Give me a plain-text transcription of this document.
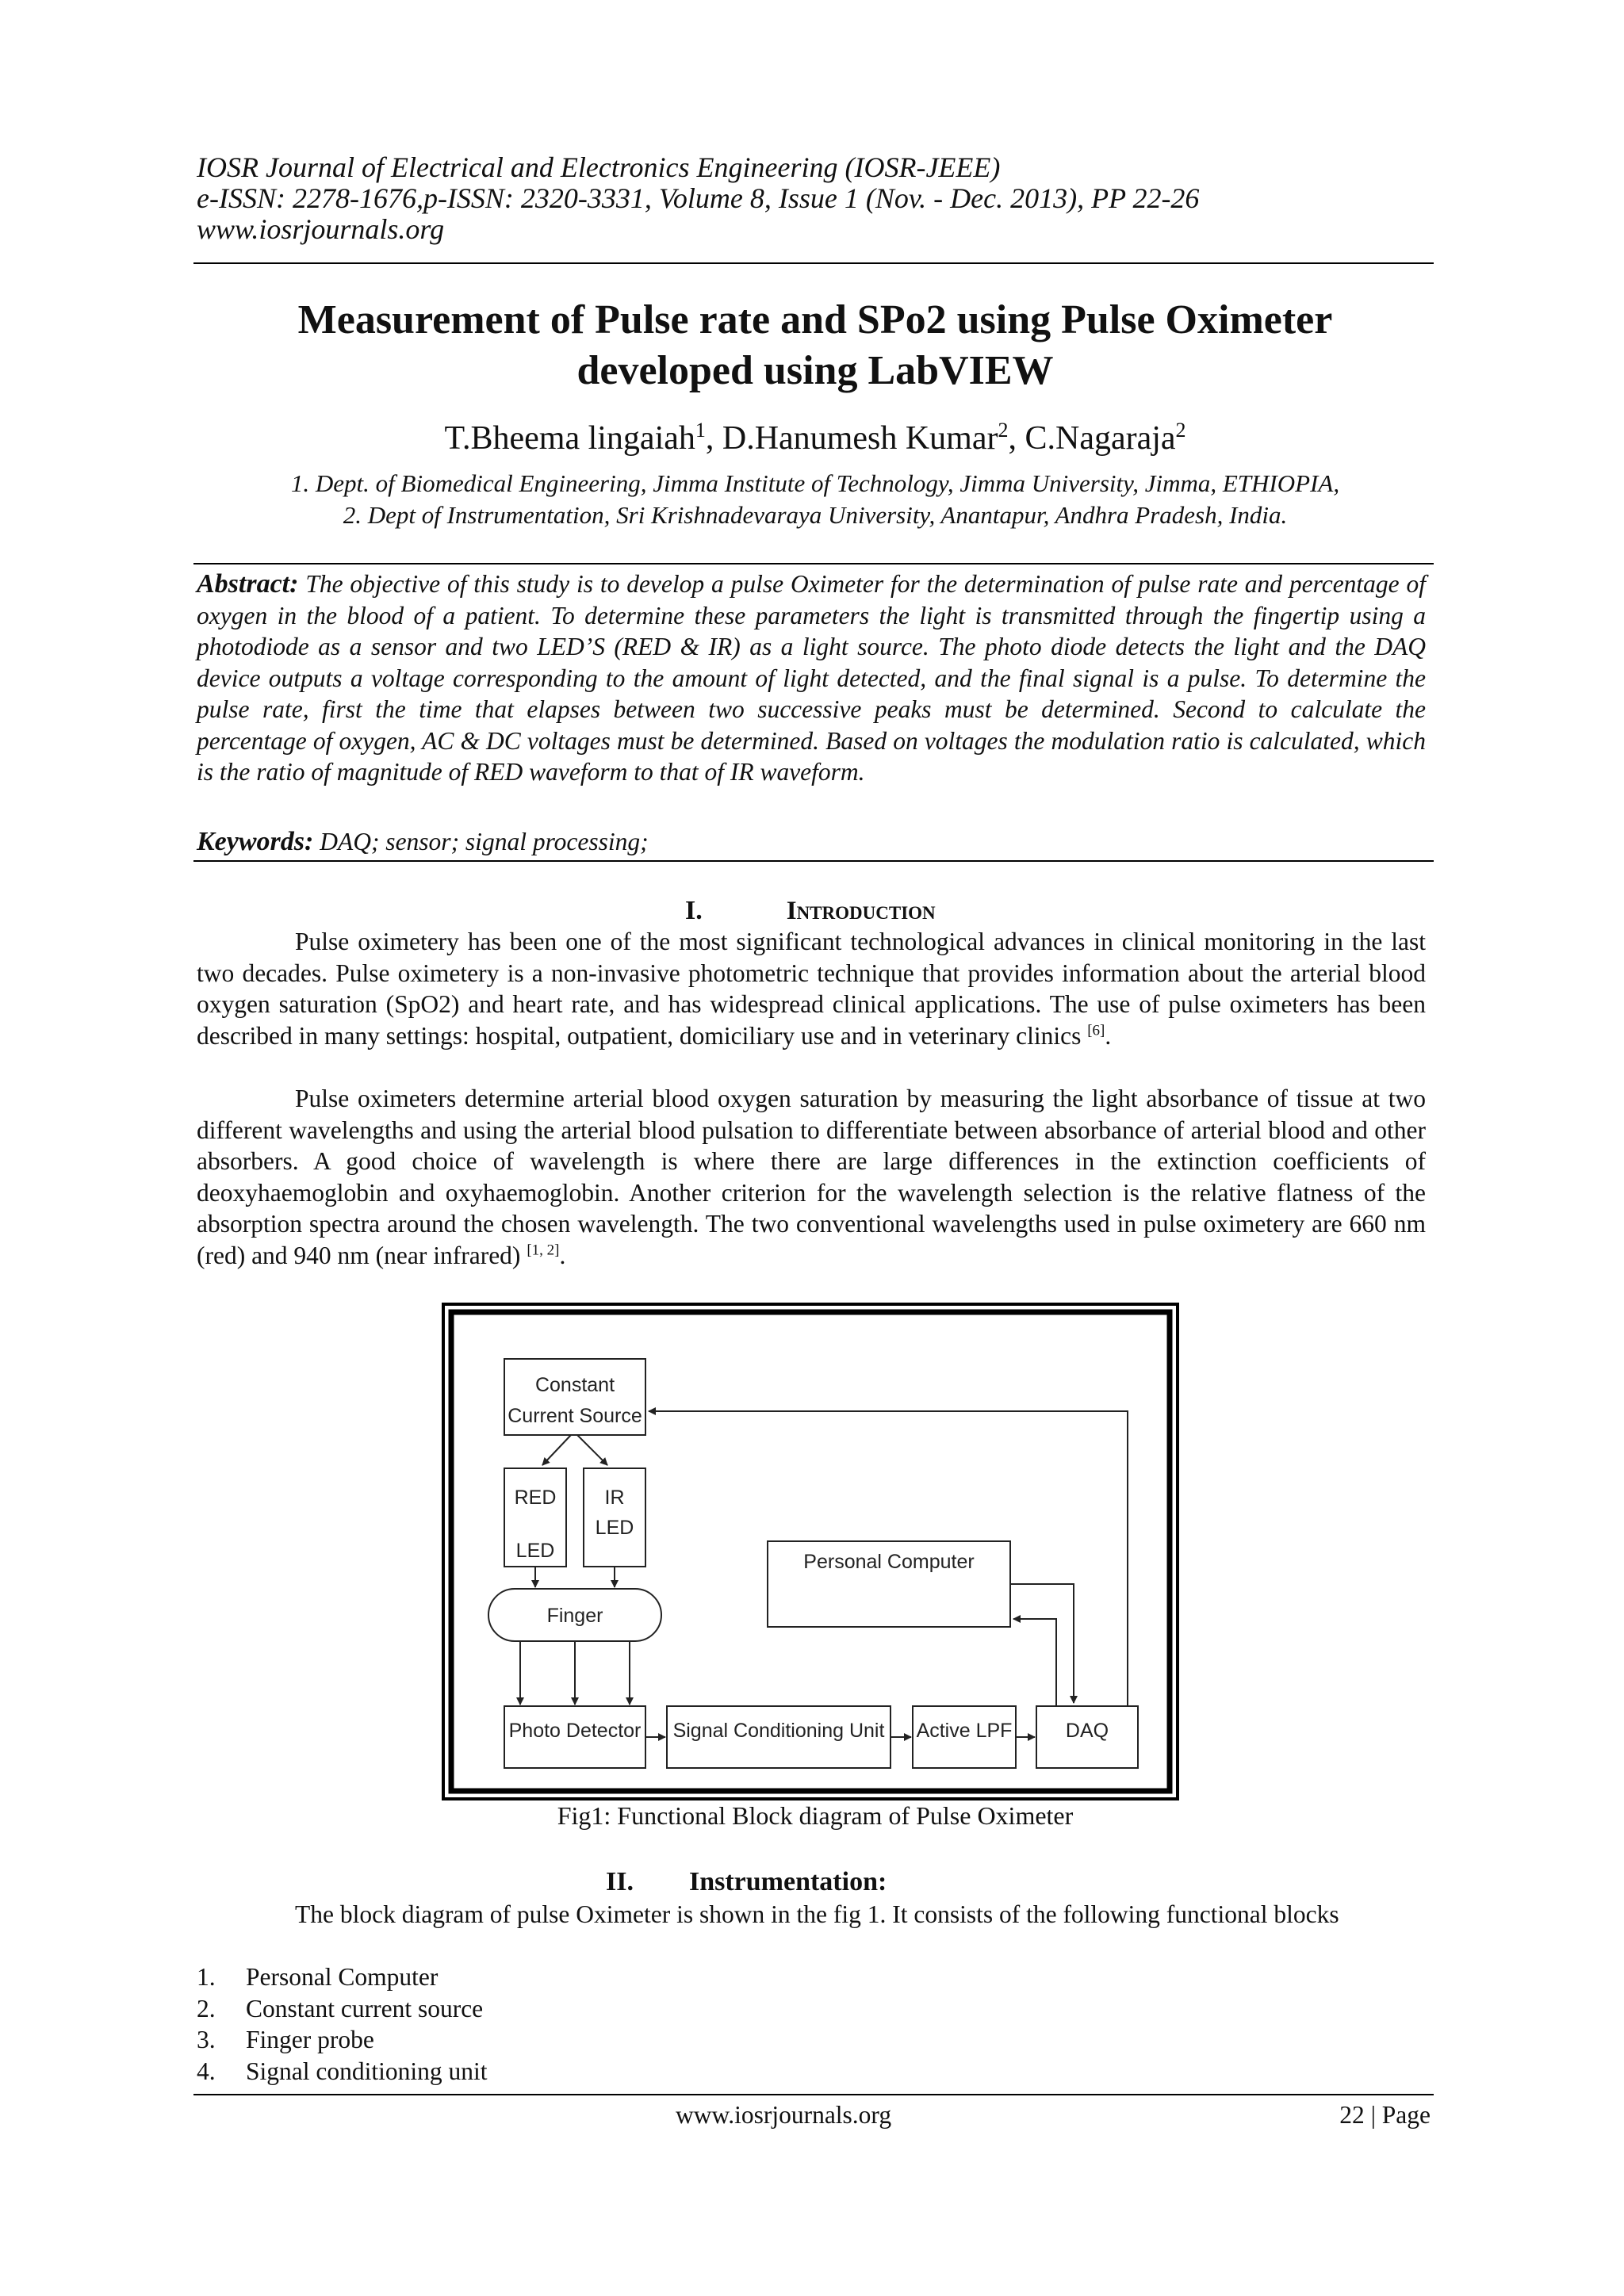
IOSR Journal of Electrical and Electronics Engineering (IOSR-JEEE)
e-ISSN: 2278-1676,p-ISSN: 2320-3331, Volume 8, Issue 1 (Nov. - Dec. 2013), PP 22-26
www.iosrjournals.org
Measurement of Pulse rate and SPo2 using Pulse Oximeter
developed using LabVIEW
T.Bheema lingaiah$^1$, D.Hanumesh Kumar$^2$, C.Nagaraja$^2$
1. Dept. of Biomedical Engineering, Jimma Institute of Technology, Jimma University, Jimma, ETHIOPIA,
2. Dept of Instrumentation, Sri Krishnadevaraya University, Anantapur, Andhra Pradesh, India.
Abstract: The objective of this study is to develop a pulse Oximeter for the determination of pulse rate and percentage of oxygen in the blood of a patient. To determine these parameters the light is transmitted through the fingertip using a photodiode as a sensor and two LED’S (RED & IR) as a light source. The photo diode detects the light and the DAQ device outputs a voltage corresponding to the amount of light detected, and the final signal is a pulse. To determine the pulse rate, first the time that elapses between two successive peaks must be determined. Second to calculate the percentage of oxygen, AC & DC voltages must be determined. Based on voltages the modulation ratio is calculated, which is the ratio of magnitude of RED waveform to that of IR waveform.
Keywords: DAQ; sensor; signal processing;
I.	Introduction
Pulse oximetery has been one of the most significant technological advances in clinical monitoring in the last two decades. Pulse oximetery is a non-invasive photometric technique that provides information about the arterial blood oxygen saturation (SpO2) and heart rate, and has widespread clinical applications. The use of pulse oximeters has been described in many settings: hospital, outpatient, domiciliary use and in veterinary clinics [6].
Pulse oximeters determine arterial blood oxygen saturation by measuring the light absorbance of tissue at two different wavelengths and using the arterial blood pulsation to differentiate between absorbance of arterial blood and other absorbers. A good choice of wavelength is where there are large differences in the extinction coefficients of deoxyhaemoglobin and oxyhaemoglobin. Another criterion for the wavelength selection is the relative flatness of the absorption spectra around the chosen wavelength. The two conventional wavelengths used in pulse oximetery are 660 nm (red) and 940 nm (near infrared) [1, 2].
Constant
Current Source
RED
LED
IR
LED
Finger
Photo Detector Signal Conditioning Unit Active LPF	DAQ
Personal Computer
Fig1: Functional Block diagram of Pulse Oximeter
II. Instrumentation:
The block diagram of pulse Oximeter is shown in the fig 1. It consists of the following functional blocks
1.	Personal Computer
2.	Constant current source
3.	Finger probe
4.	Signal conditioning unit
www.iosrjournals.org	22 | Page
